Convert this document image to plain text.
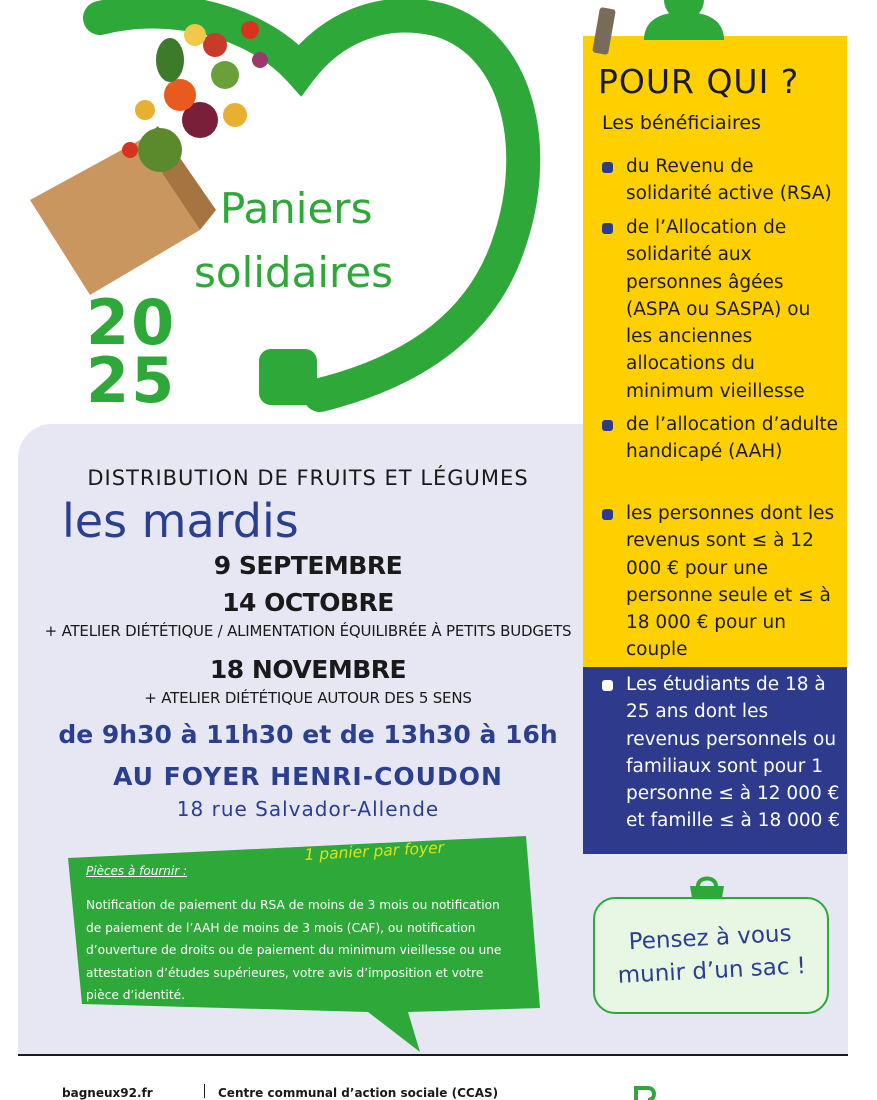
Paniers
solidaires
20
25
DISTRIBUTION DE FRUITS ET LÉGUMES
les mardis
9 SEPTEMBRE
14 OCTOBRE
+ ATELIER DIÉTÉTIQUE / ALIMENTATION ÉQUILIBRÉE À PETITS BUDGETS
18 NOVEMBRE
+ ATELIER DIÉTÉTIQUE AUTOUR DES 5 SENS
de 9h30 à 11h30 et de 13h30 à 16h
AU FOYER HENRI-COUDON
18 rue Salvador-Allende
1 panier par foyer
Pièces à fournir :
Notification de paiement du RSA de moins de 3 mois ou notification de paiement de l’AAH de moins de 3 mois (CAF), ou notification d’ouverture de droits ou de paiement du minimum vieillesse ou une attestation d’études supérieures, votre avis d’imposition et votre pièce d’identité.
POUR QUI ?
Les bénéficiaires
du Revenu de solidarité active (RSA)
de l’Allocation de solidarité aux personnes âgées (ASPA ou SASPA) ou les anciennes allocations du minimum vieillesse
de l’allocation d’adulte handicapé (AAH)
les personnes dont les revenus sont ≤ à 12 000 € pour une personne seule et ≤ à 18 000 € pour un couple
Les étudiants de 18 à 25 ans dont les revenus personnels ou familiaux sont pour 1 personne ≤ à 12 000 € et famille ≤ à 18 000 €
Pensez à vous munir d’un sac !
bagneux92.fr	Centre communal d’action sociale (CCAS)
